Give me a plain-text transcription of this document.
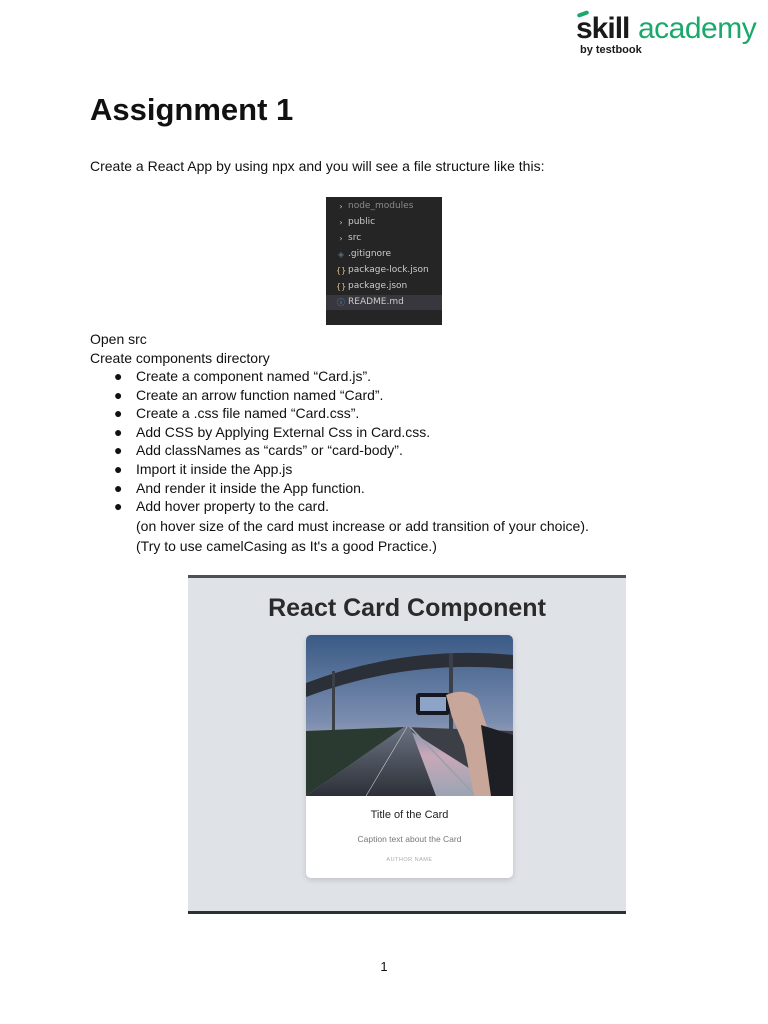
skill academy
by testbook
Assignment 1
Create a React App by using npx and you will see a file structure like this:
› node_modules
› public
› src
◈ .gitignore
{} package-lock.json
{} package.json
ⓘ README.md
Open src
Create components directory
● Create a component named “Card.js”.
● Create an arrow function named “Card”.
● Create a .css file named “Card.css”.
● Add CSS by Applying External Css in Card.css.
● Add classNames as “cards” or “card-body”.
● Import it inside the App.js
● And render it inside the App function.
● Add hover property to the card.
(on hover size of the card must increase or add transition of your choice).
(Try to use camelCasing as It's a good Practice.)
React Card Component
Title of the Card
Caption text about the Card
AUTHOR NAME
1
